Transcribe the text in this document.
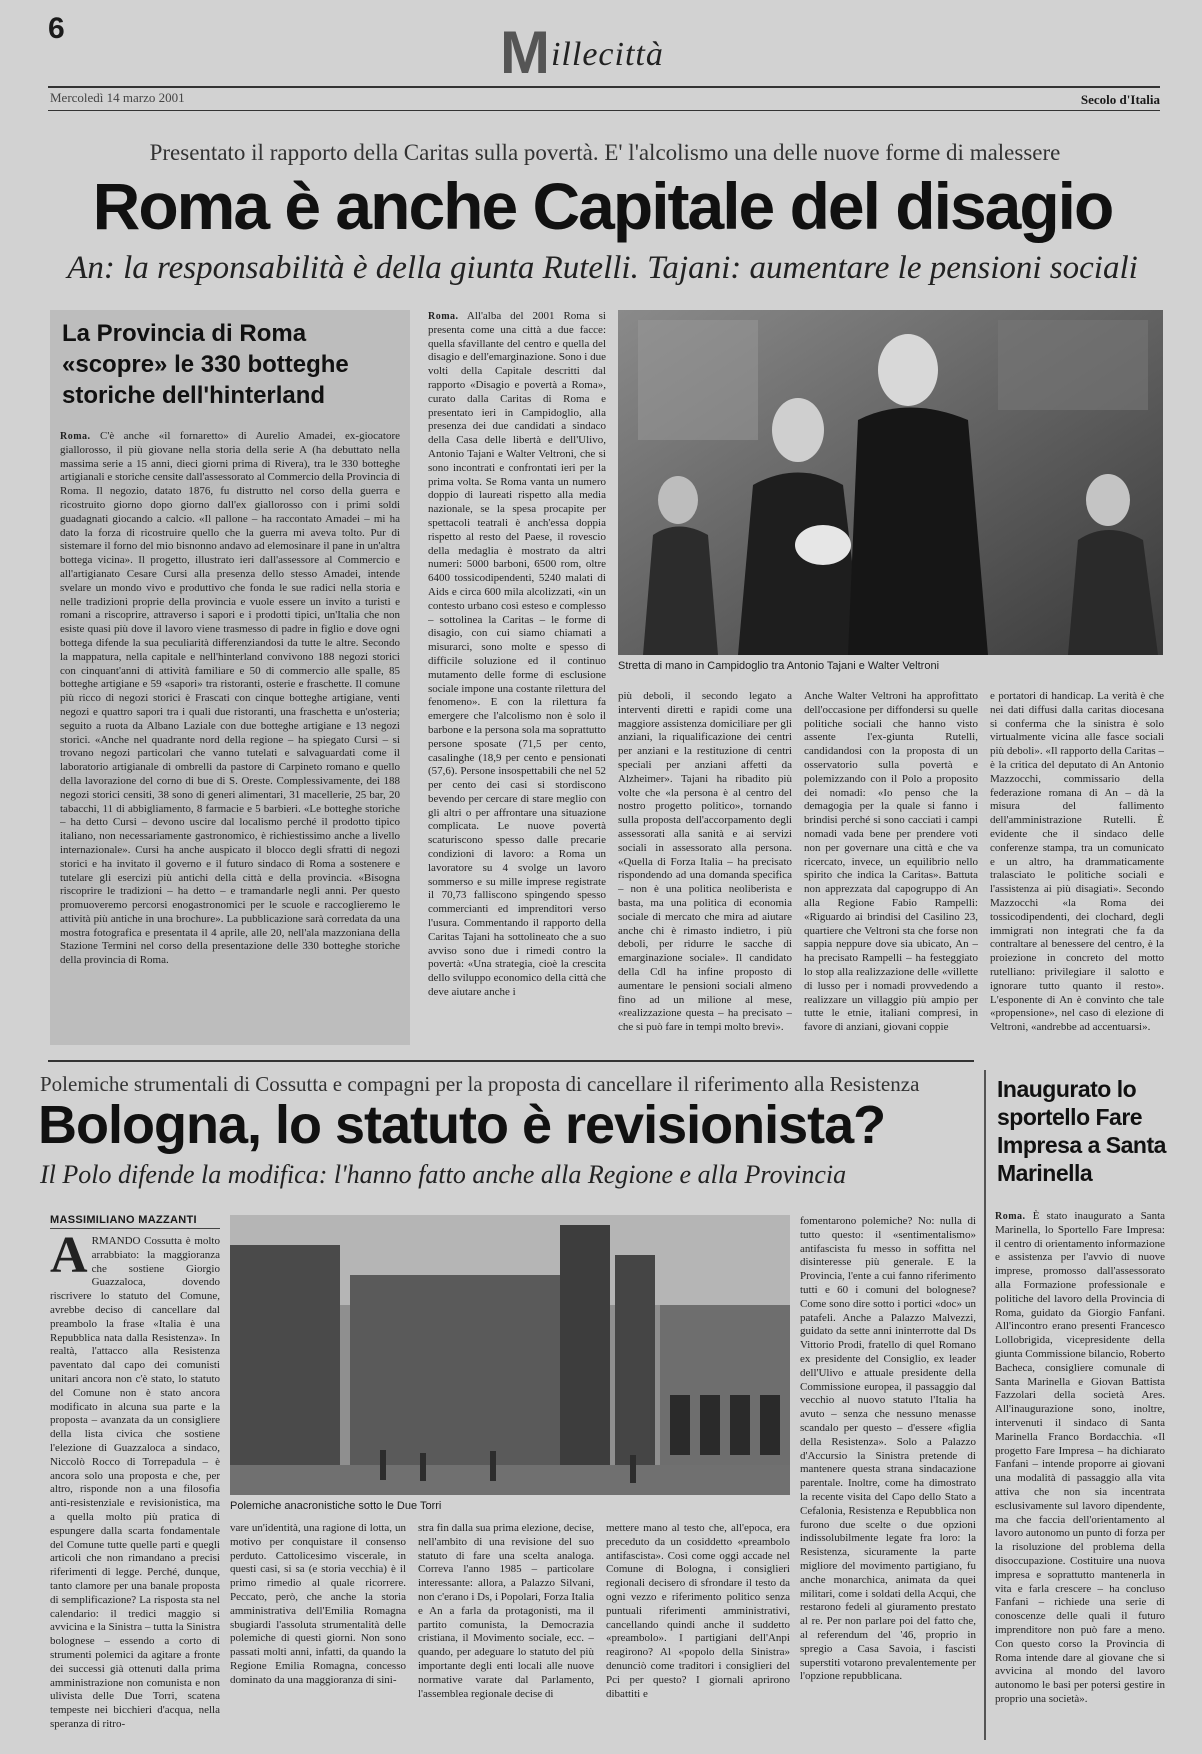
6	Millecittà
Mercoledì 14 marzo 2001	Secolo d'Italia
Presentato il rapporto della Caritas sulla povertà. E' l'alcolismo una delle nuove forme di malessere
Roma è anche Capitale del disagio
An: la responsabilità è della giunta Rutelli. Tajani: aumentare le pensioni sociali
La Provincia di Roma «scopre» le 330 botteghe storiche dell'hinterland
Roma. C'è anche «il fornaretto» di Aurelio Amadei, ex-giocatore giallorosso, il più giovane nella storia della serie A (ha debuttato nella massima serie a 15 anni, dieci giorni prima di Rivera), tra le 330 botteghe artigianali e storiche censite dall'assessorato al Commercio della Provincia di Roma. Il negozio, datato 1876, fu distrutto nel corso della guerra e ricostruito giorno dopo giorno dall'ex giallorosso con i primi soldi guadagnati giocando a calcio. «Il pallone – ha raccontato Amadei – mi ha dato la forza di ricostruire quello che la guerra mi aveva tolto. Pur di sistemare il forno del mio bisnonno andavo ad elemosinare il pane in un'altra bottega vicina». Il progetto, illustrato ieri dall'assessore al Commercio e all'artigianato Cesare Cursi alla presenza dello stesso Amadei, intende svelare un mondo vivo e produttivo che fonda le sue radici nella storia e nelle tradizioni proprie della provincia e vuole essere un invito a turisti e romani a riscoprire, attraverso i sapori e i prodotti tipici, un'Italia che non esiste quasi più dove il lavoro viene trasmesso di padre in figlio e dove ogni bottega difende la sua peculiarità differenziandosi da tutte le altre. Secondo la mappatura, nella capitale e nell'hinterland convivono 188 negozi storici con cinquant'anni di attività familiare e 50 di commercio alle spalle, 85 botteghe artigiane e 59 «sapori» tra ristoranti, osterie e fraschette. Il comune più ricco di negozi storici è Frascati con cinque botteghe artigiane, venti negozi e quattro sapori tra i quali due ristoranti, una fraschetta e un'osteria; seguito a ruota da Albano Laziale con due botteghe artigiane e 13 negozi storici. «Anche nel quadrante nord della regione – ha spiegato Cursi – si trovano negozi particolari che vanno tutelati e salvaguardati come il laboratorio artigianale di ombrelli da pastore di Carpineto romano e quello della lavorazione del corno di bue di S. Oreste. Complessivamente, dei 188 negozi storici censiti, 38 sono di generi alimentari, 31 macellerie, 25 bar, 20 tabacchi, 11 di abbigliamento, 8 farmacie e 5 barbieri. «Le botteghe storiche – ha detto Cursi – devono uscire dal localismo perché il prodotto tipico italiano, non necessariamente gastronomico, è richiestissimo anche a livello internazionale». Cursi ha anche auspicato il blocco degli sfratti di negozi storici e ha invitato il governo e il futuro sindaco di Roma a sostenere e tutelare gli esercizi più antichi della città e della provincia. «Bisogna riscoprire le tradizioni – ha detto – e tramandarle negli anni. Per questo promuoveremo percorsi enogastronomici per le scuole e raccoglieremo le attività più antiche in una brochure». La pubblicazione sarà corredata da una mostra fotografica e presentata il 4 aprile, alle 20, nell'ala mazzoniana della Stazione Termini nel corso della presentazione delle 330 botteghe storiche della provincia di Roma.
Roma. All'alba del 2001 Roma si presenta come una città a due facce: quella sfavillante del centro e quella del disagio e dell'emarginazione. Sono i due volti della Capitale descritti dal rapporto «Disagio e povertà a Roma», curato dalla Caritas di Roma e presentato ieri in Campidoglio, alla presenza dei due candidati a sindaco della Casa delle libertà e dell'Ulivo, Antonio Tajani e Walter Veltroni, che si sono incontrati e confrontati ieri per la prima volta. Se Roma vanta un numero doppio di laureati rispetto alla media nazionale, se la spesa procapite per spettacoli teatrali è anch'essa doppia rispetto al resto del Paese, il rovescio della medaglia è mostrato da altri numeri: 5000 barboni, 6500 rom, oltre 6400 tossicodipendenti, 5240 malati di Aids e circa 600 mila alcolizzati, «in un contesto urbano così esteso e complesso – sottolinea la Caritas – le forme di disagio, con cui siamo chiamati a misurarci, sono molte e spesso di difficile soluzione ed il continuo mutamento delle forme di esclusione sociale impone una costante rilettura del fenomeno». E con la rilettura fa emergere che l'alcolismo non è solo il barbone e la persona sola ma soprattutto persone sposate (71,5 per cento, casalinghe (18,9 per cento e pensionati (57,6). Persone insospettabili che nel 52 per cento dei casi si stordiscono bevendo per cercare di stare meglio con gli altri o per affrontare una situazione complicata. Le nuove povertà scaturiscono spesso dalle precarie condizioni di lavoro: a Roma un lavoratore su 4 svolge un lavoro sommerso e su mille imprese registrate il 70,73 falliscono spingendo spesso commercianti ed imprenditori verso l'usura. Commentando il rapporto della Caritas Tajani ha sottolineato che a suo avviso sono due i rimedi contro la povertà: «Una strategia, cioè la crescita dello sviluppo economico della città che deve aiutare anche i
Stretta di mano in Campidoglio tra Antonio Tajani e Walter Veltroni
più deboli, il secondo legato a interventi diretti e rapidi come una maggiore assistenza domiciliare per gli anziani, la riqualificazione dei centri per anziani e la restituzione di centri speciali per anziani affetti da Alzheimer». Tajani ha ribadito più volte che «la persona è al centro del nostro progetto politico», tornando sulla proposta dell'accorpamento degli assessorati alla sanità e ai servizi sociali in assessorato alla persona. «Quella di Forza Italia – ha precisato rispondendo ad una domanda specifica – non è una politica neoliberista e basta, ma una politica di economia sociale di mercato che mira ad aiutare anche chi è rimasto indietro, i più deboli, per ridurre le sacche di emarginazione sociale». Il candidato della Cdl ha infine proposto di aumentare le pensioni sociali almeno fino ad un milione al mese, «realizzazione questa – ha precisato – che si può fare in tempi molto brevi».
Anche Walter Veltroni ha approfittato dell'occasione per diffondersi su quelle politiche sociali che hanno visto assente l'ex-giunta Rutelli, candidandosi con la proposta di un osservatorio sulla povertà e polemizzando con il Polo a proposito dei nomadi: «Io penso che la demagogia per la quale si fanno i brindisi perché si sono cacciati i campi nomadi vada bene per prendere voti non per governare una città e che va ricercato, invece, un equilibrio nello spirito che indica la Caritas». Battuta non apprezzata dal capogruppo di An alla Regione Fabio Rampelli: «Riguardo ai brindisi del Casilino 23, quartiere che Veltroni sta che forse non sappia neppure dove sia ubicato, An – ha precisato Rampelli – ha festeggiato lo stop alla realizzazione delle «villette di lusso per i nomadi provvedendo a realizzare un villaggio più ampio per tutte le etnie, italiani compresi, in favore di anziani, giovani coppie
e portatori di handicap. La verità è che nei dati diffusi dalla caritas diocesana si conferma che la sinistra è solo virtualmente vicina alle fasce sociali più deboli». «Il rapporto della Caritas – è la critica del deputato di An Antonio Mazzocchi, commissario della federazione romana di An – dà la misura del fallimento dell'amministrazione Rutelli. È evidente che il sindaco delle conferenze stampa, tra un comunicato e un altro, ha drammaticamente tralasciato le politiche sociali e l'assistenza ai più disagiati». Secondo Mazzocchi «la Roma dei tossicodipendenti, dei clochard, degli immigrati non integrati che fa da contraltare al benessere del centro, è la proiezione in concreto del motto rutelliano: privilegiare il salotto e ignorare tutto quanto il resto». L'esponente di An è convinto che tale «propensione», nel caso di elezione di Veltroni, «andrebbe ad accentuarsi».
Polemiche strumentali di Cossutta e compagni per la proposta di cancellare il riferimento alla Resistenza
Bologna, lo statuto è revisionista?
Il Polo difende la modifica: l'hanno fatto anche alla Regione e alla Provincia
MASSIMILIANO MAZZANTI
A RMANDO Cossutta è molto arrabbiato: la maggioranza che sostiene Giorgio Guazzaloca, dovendo riscrivere lo statuto del Comune, avrebbe deciso di cancellare dal preambolo la frase «Italia è una Repubblica nata dalla Resistenza». In realtà, l'attacco alla Resistenza paventato dal capo dei comunisti unitari ancora non c'è stato, lo statuto del Comune non è stato ancora modificato in alcuna sua parte e la proposta – avanzata da un consigliere della lista civica che sostiene l'elezione di Guazzaloca a sindaco, Niccolò Rocco di Torrepadula – è ancora solo una proposta e che, per altro, risponde non a una filosofia anti-resistenziale e revisionistica, ma a quella molto più pratica di espungere dalla scarta fondamentale del Comune tutte quelle parti e quegli articoli che non rimandano a precisi riferimenti di legge. Perché, dunque, tanto clamore per una banale proposta di semplificazione? La risposta sta nel calendario: il tredici maggio si avvicina e la Sinistra – tutta la Sinistra bolognese – essendo a corto di strumenti polemici da agitare a fronte dei successi già ottenuti dalla prima amministrazione non comunista e non ulivista delle Due Torri, scatena tempeste nei bicchieri d'acqua, nella speranza di ritro-
Polemiche anacronistiche sotto le Due Torri
fomentarono polemiche? No: nulla di tutto questo: il «sentimentalismo» antifascista fu messo in soffitta nel disinteresse più generale. E la Provincia, l'ente a cui fanno riferimento tutti e 60 i comuni del bolognese? Come sono dire sotto i portici «doc» un patafeli. Anche a Palazzo Malvezzi, guidato da sette anni ininterrotte dal Ds Vittorio Prodi, fratello di quel Romano ex presidente del Consiglio, ex leader dell'Ulivo e attuale presidente della Commissione europea, il passaggio dal vecchio al nuovo statuto l'Italia ha avuto – senza che nessuno menasse scandalo per questo – d'essere «figlia della Resistenza». Solo a Palazzo d'Accursio la Sinistra pretende di mantenere questa strana sindacazione parentale. Inoltre, come ha dimostrato la recente visita del Capo dello Stato a Cefalonia, Resistenza e Repubblica non furono due scelte o due opzioni indissolubilmente legate fra loro: la Resistenza, sicuramente la parte migliore del movimento partigiano, fu anche monarchica, animata da quei militari, come i soldati della Acqui, che restarono fedeli al giuramento prestato al re. Per non parlare poi del fatto che, al referendum del '46, proprio in spregio a Casa Savoia, i fascisti superstiti votarono prevalentemente per l'opzione repubblicana.
vare un'identità, una ragione di lotta, un motivo per conquistare il consenso perduto. Cattolicesimo viscerale, in questi casi, si sa (e storia vecchia) è il primo rimedio al quale ricorrere. Peccato, però, che anche la storia amministrativa dell'Emilia Romagna sbugiardi l'assoluta strumentalità delle polemiche di questi giorni. Non sono passati molti anni, infatti, da quando la Regione Emilia Romagna, concesso dominato da una maggioranza di sini-
stra fin dalla sua prima elezione, decise, nell'ambito di una revisione del suo statuto di fare una scelta analoga. Correva l'anno 1985 – particolare interessante: allora, a Palazzo Silvani, non c'erano i Ds, i Popolari, Forza Italia e An a farla da protagonisti, ma il partito comunista, la Democrazia cristiana, il Movimento sociale, ecc. – quando, per adeguare lo statuto del più importante degli enti locali alle nuove normative varate dal Parlamento, l'assemblea regionale decise di
mettere mano al testo che, all'epoca, era preceduto da un cosiddetto «preambolo antifascista». Così come oggi accade nel Comune di Bologna, i consiglieri regionali decisero di sfrondare il testo da ogni vezzo e riferimento politico senza puntuali riferimenti amministrativi, cancellando quindi anche il suddetto «preambolo». I partigiani dell'Anpi reagirono? Al «popolo della Sinistra» denunciò come traditori i consiglieri del Pci per questo? I giornali aprirono dibattiti e
Inaugurato lo sportello Fare Impresa a Santa Marinella
Roma. È stato inaugurato a Santa Marinella, lo Sportello Fare Impresa: il centro di orientamento informazione e assistenza per l'avvio di nuove imprese, promosso dall'assessorato alla Formazione professionale e politiche del lavoro della Provincia di Roma, guidato da Giorgio Fanfani. All'incontro erano presenti Francesco Lollobrigida, vicepresidente della giunta Commissione bilancio, Roberto Bacheca, consigliere comunale di Santa Marinella e Giovan Battista Fazzolari della società Ares. All'inaugurazione sono, inoltre, intervenuti il sindaco di Santa Marinella Franco Bordacchia. «Il progetto Fare Impresa – ha dichiarato Fanfani – intende proporre ai giovani una modalità di passaggio alla vita attiva che non sia incentrata esclusivamente sul lavoro dipendente, ma che faccia dell'orientamento al lavoro autonomo un punto di forza per la risoluzione del problema della disoccupazione. Costituire una nuova impresa e soprattutto mantenerla in vita e farla crescere – ha concluso Fanfani – richiede una serie di conoscenze delle quali il futuro imprenditore non può fare a meno. Con questo corso la Provincia di Roma intende dare al giovane che si avvicina al mondo del lavoro autonomo le basi per potersi gestire in proprio una società».
